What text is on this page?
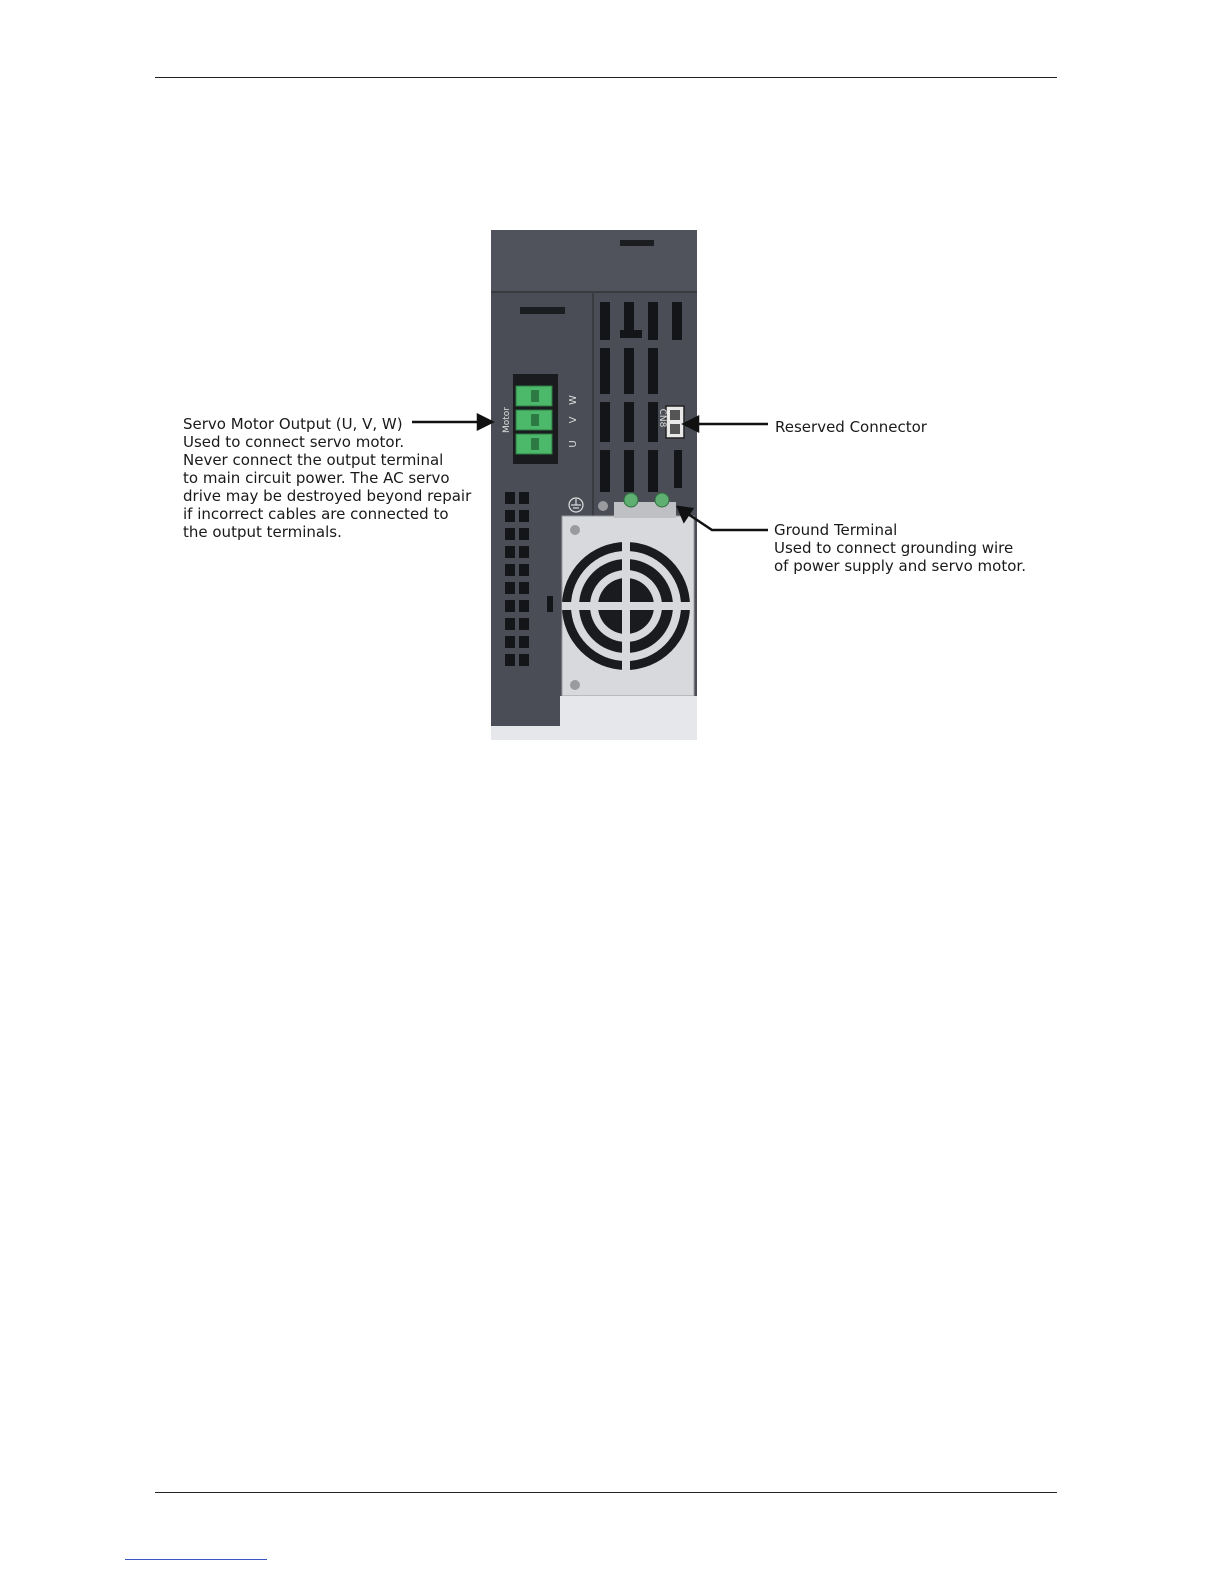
CN8
Motor
U
V
W
Servo Motor Output (U, V, W)
Used to connect servo motor.
Never connect the output terminal
to main circuit power. The AC servo
drive may be destroyed beyond repair
if incorrect cables are connected to
the output terminals.
Reserved Connector
Ground Terminal
Used to connect grounding wire
of power supply and servo motor.
